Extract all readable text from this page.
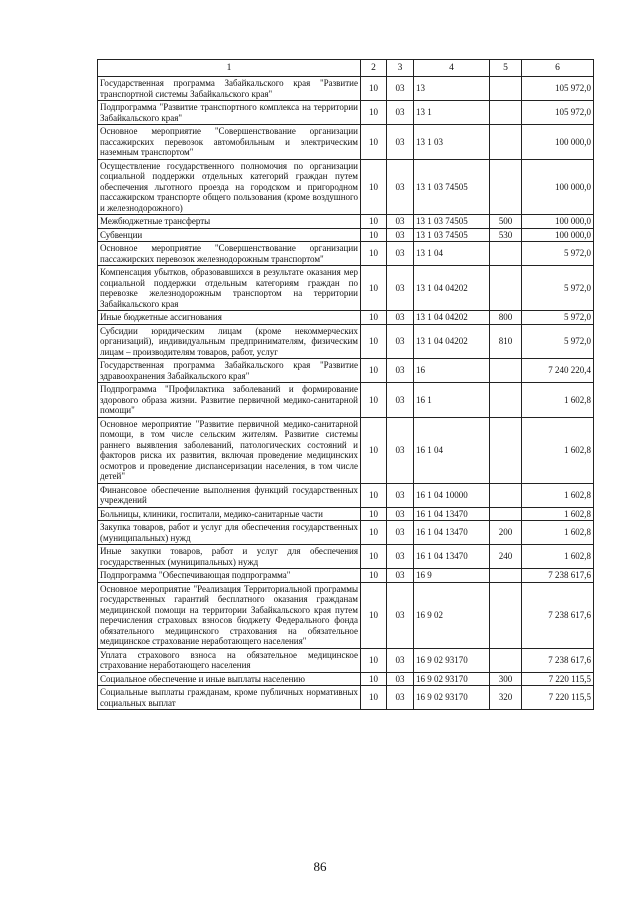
1	2	3	4	5	6
Государственная программа Забайкальского края "Развитие транспортной системы Забайкальского края"	10	03	13		105 972,0
Подпрограмма "Развитие транспортного комплекса на территории Забайкальского края"	10	03	13 1		105 972,0
Основное мероприятие "Совершенствование организации пассажирских перевозок автомобильным и электрическим наземным транспортом"	10	03	13 1 03		100 000,0
Осуществление государственного полномочия по организации социальной поддержки отдельных категорий граждан путем обеспечения льготного проезда на городском и пригородном пассажирском транспорте общего пользования (кроме воздушного и железнодорожного)	10	03	13 1 03 74505		100 000,0
Межбюджетные трансферты	10	03	13 1 03 74505	500	100 000,0
Субвенции	10	03	13 1 03 74505	530	100 000,0
Основное мероприятие "Совершенствование организации пассажирских перевозок железнодорожным транспортом"	10	03	13 1 04		5 972,0
Компенсация убытков, образовавшихся в результате оказания мер социальной поддержки отдельным категориям граждан по перевозке железнодорожным транспортом на территории Забайкальского края	10	03	13 1 04 04202		5 972,0
Иные бюджетные ассигнования	10	03	13 1 04 04202	800	5 972,0
Субсидии юридическим лицам (кроме некоммерческих организаций), индивидуальным предпринимателям, физическим лицам – производителям товаров, работ, услуг	10	03	13 1 04 04202	810	5 972,0
Государственная программа Забайкальского края "Развитие здравоохранения Забайкальского края"	10	03	16		7 240 220,4
Подпрограмма "Профилактика заболеваний и формирование здорового образа жизни. Развитие первичной медико-санитарной помощи"	10	03	16 1		1 602,8
Основное мероприятие "Развитие первичной медико-санитарной помощи, в том числе сельским жителям. Развитие системы раннего выявления заболеваний, патологических состояний и факторов риска их развития, включая проведение медицинских осмотров и проведение диспансеризации населения, в том числе детей"	10	03	16 1 04		1 602,8
Финансовое обеспечение выполнения функций государственных учреждений	10	03	16 1 04 10000		1 602,8
Больницы, клиники, госпитали, медико-санитарные части	10	03	16 1 04 13470		1 602,8
Закупка товаров, работ и услуг для обеспечения государственных (муниципальных) нужд	10	03	16 1 04 13470	200	1 602,8
Иные закупки товаров, работ и услуг для обеспечения государственных (муниципальных) нужд	10	03	16 1 04 13470	240	1 602,8
Подпрограмма "Обеспечивающая подпрограмма"	10	03	16 9		7 238 617,6
Основное мероприятие "Реализация Территориальной программы государственных гарантий бесплатного оказания гражданам медицинской помощи на территории Забайкальского края путем перечисления страховых взносов бюджету Федерального фонда обязательного медицинского страхования на обязательное медицинское страхование неработающего населения"	10	03	16 9 02		7 238 617,6
Уплата страхового взноса на обязательное медицинское страхование неработающего населения	10	03	16 9 02 93170		7 238 617,6
Социальное обеспечение и иные выплаты населению	10	03	16 9 02 93170	300	7 220 115,5
Социальные выплаты гражданам, кроме публичных нормативных социальных выплат	10	03	16 9 02 93170	320	7 220 115,5
86
